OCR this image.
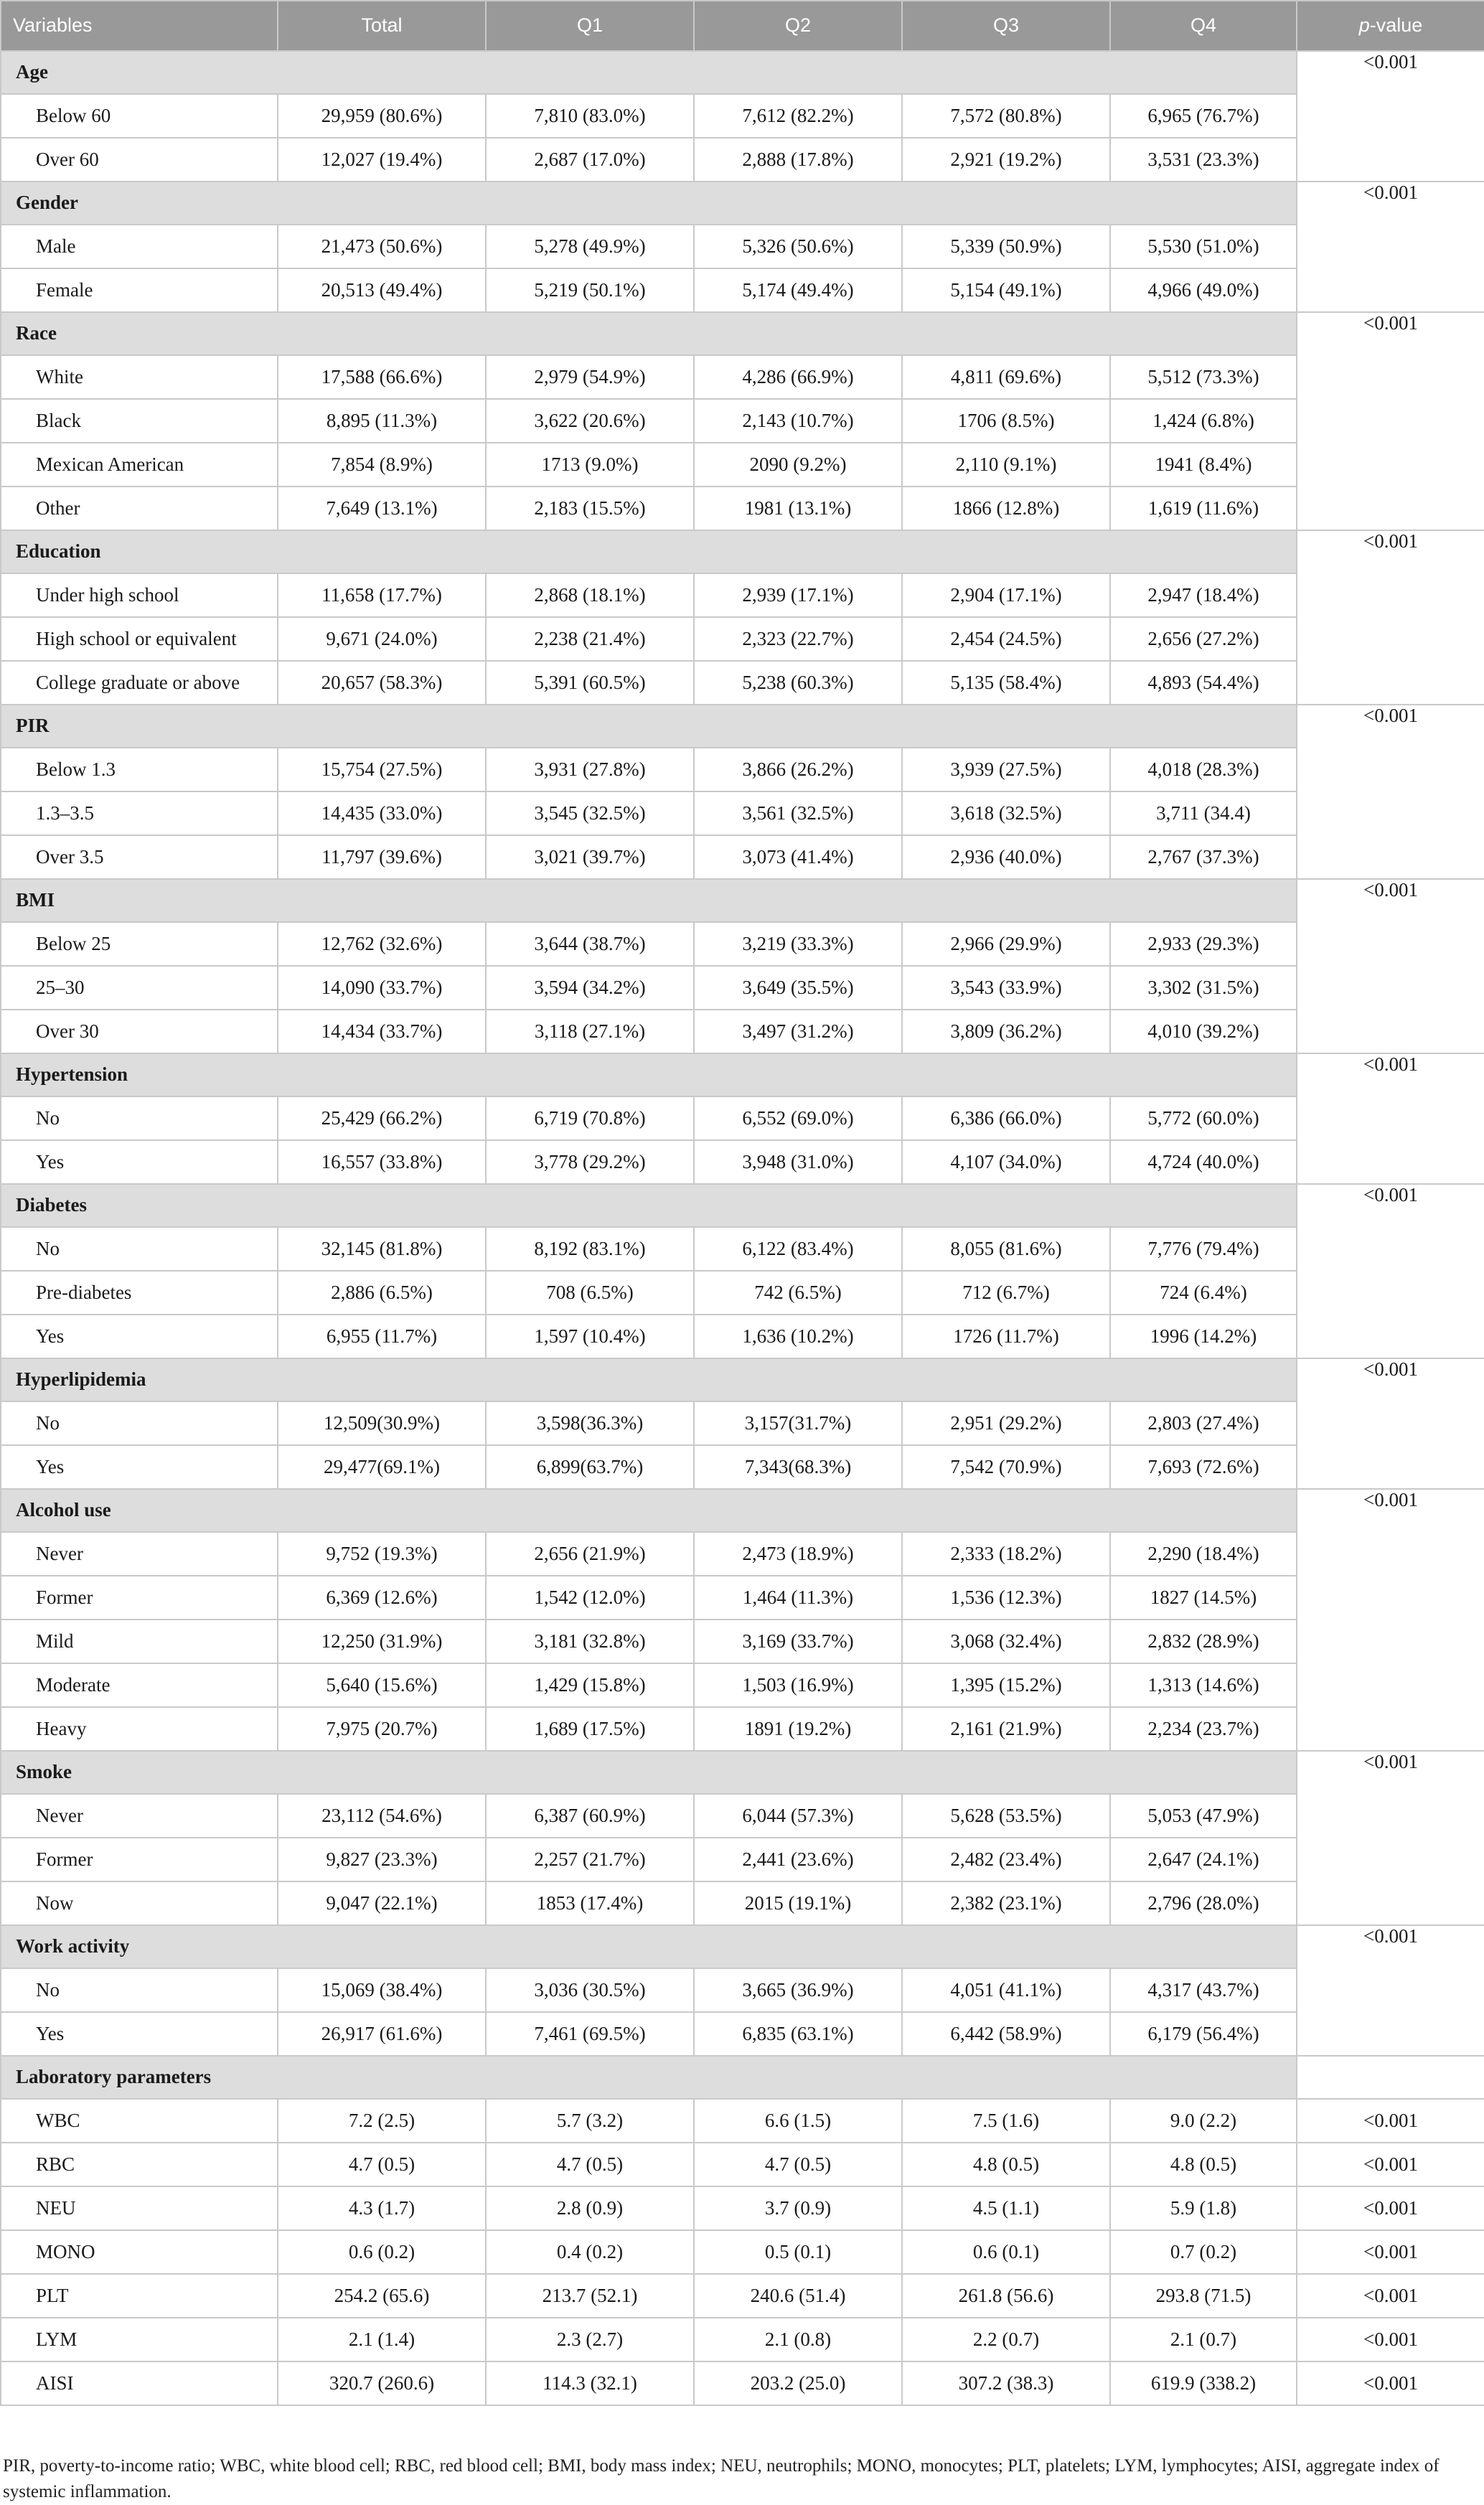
Variables	Total	Q1	Q2	Q3	Q4	p-value
Age						<0.001
Below 60	29,959 (80.6%)	7,810 (83.0%)	7,612 (82.2%)	7,572 (80.8%)	6,965 (76.7%)	
Over 60	12,027 (19.4%)	2,687 (17.0%)	2,888 (17.8%)	2,921 (19.2%)	3,531 (23.3%)	
Gender						<0.001
Male	21,473 (50.6%)	5,278 (49.9%)	5,326 (50.6%)	5,339 (50.9%)	5,530 (51.0%)	
Female	20,513 (49.4%)	5,219 (50.1%)	5,174 (49.4%)	5,154 (49.1%)	4,966 (49.0%)	
Race						<0.001
White	17,588 (66.6%)	2,979 (54.9%)	4,286 (66.9%)	4,811 (69.6%)	5,512 (73.3%)	
Black	8,895 (11.3%)	3,622 (20.6%)	2,143 (10.7%)	1706 (8.5%)	1,424 (6.8%)	
Mexican American	7,854 (8.9%)	1713 (9.0%)	2090 (9.2%)	2,110 (9.1%)	1941 (8.4%)	
Other	7,649 (13.1%)	2,183 (15.5%)	1981 (13.1%)	1866 (12.8%)	1,619 (11.6%)	
Education						<0.001
Under high school	11,658 (17.7%)	2,868 (18.1%)	2,939 (17.1%)	2,904 (17.1%)	2,947 (18.4%)	
High school or equivalent	9,671 (24.0%)	2,238 (21.4%)	2,323 (22.7%)	2,454 (24.5%)	2,656 (27.2%)	
College graduate or above	20,657 (58.3%)	5,391 (60.5%)	5,238 (60.3%)	5,135 (58.4%)	4,893 (54.4%)	
PIR						<0.001
Below 1.3	15,754 (27.5%)	3,931 (27.8%)	3,866 (26.2%)	3,939 (27.5%)	4,018 (28.3%)	
1.3–3.5	14,435 (33.0%)	3,545 (32.5%)	3,561 (32.5%)	3,618 (32.5%)	3,711 (34.4)	
Over 3.5	11,797 (39.6%)	3,021 (39.7%)	3,073 (41.4%)	2,936 (40.0%)	2,767 (37.3%)	
BMI						<0.001
Below 25	12,762 (32.6%)	3,644 (38.7%)	3,219 (33.3%)	2,966 (29.9%)	2,933 (29.3%)	
25–30	14,090 (33.7%)	3,594 (34.2%)	3,649 (35.5%)	3,543 (33.9%)	3,302 (31.5%)	
Over 30	14,434 (33.7%)	3,118 (27.1%)	3,497 (31.2%)	3,809 (36.2%)	4,010 (39.2%)	
Hypertension						<0.001
No	25,429 (66.2%)	6,719 (70.8%)	6,552 (69.0%)	6,386 (66.0%)	5,772 (60.0%)	
Yes	16,557 (33.8%)	3,778 (29.2%)	3,948 (31.0%)	4,107 (34.0%)	4,724 (40.0%)	
Diabetes						<0.001
No	32,145 (81.8%)	8,192 (83.1%)	6,122 (83.4%)	8,055 (81.6%)	7,776 (79.4%)	
Pre-diabetes	2,886 (6.5%)	708 (6.5%)	742 (6.5%)	712 (6.7%)	724 (6.4%)	
Yes	6,955 (11.7%)	1,597 (10.4%)	1,636 (10.2%)	1726 (11.7%)	1996 (14.2%)	
Hyperlipidemia						<0.001
No	12,509(30.9%)	3,598(36.3%)	3,157(31.7%)	2,951 (29.2%)	2,803 (27.4%)	
Yes	29,477(69.1%)	6,899(63.7%)	7,343(68.3%)	7,542 (70.9%)	7,693 (72.6%)	
Alcohol use						<0.001
Never	9,752 (19.3%)	2,656 (21.9%)	2,473 (18.9%)	2,333 (18.2%)	2,290 (18.4%)	
Former	6,369 (12.6%)	1,542 (12.0%)	1,464 (11.3%)	1,536 (12.3%)	1827 (14.5%)	
Mild	12,250 (31.9%)	3,181 (32.8%)	3,169 (33.7%)	3,068 (32.4%)	2,832 (28.9%)	
Moderate	5,640 (15.6%)	1,429 (15.8%)	1,503 (16.9%)	1,395 (15.2%)	1,313 (14.6%)	
Heavy	7,975 (20.7%)	1,689 (17.5%)	1891 (19.2%)	2,161 (21.9%)	2,234 (23.7%)	
Smoke						<0.001
Never	23,112 (54.6%)	6,387 (60.9%)	6,044 (57.3%)	5,628 (53.5%)	5,053 (47.9%)	
Former	9,827 (23.3%)	2,257 (21.7%)	2,441 (23.6%)	2,482 (23.4%)	2,647 (24.1%)	
Now	9,047 (22.1%)	1853 (17.4%)	2015 (19.1%)	2,382 (23.1%)	2,796 (28.0%)	
Work activity						<0.001
No	15,069 (38.4%)	3,036 (30.5%)	3,665 (36.9%)	4,051 (41.1%)	4,317 (43.7%)	
Yes	26,917 (61.6%)	7,461 (69.5%)	6,835 (63.1%)	6,442 (58.9%)	6,179 (56.4%)	
Laboratory parameters						
WBC	7.2 (2.5)	5.7 (3.2)	6.6 (1.5)	7.5 (1.6)	9.0 (2.2)	<0.001
RBC	4.7 (0.5)	4.7 (0.5)	4.7 (0.5)	4.8 (0.5)	4.8 (0.5)	<0.001
NEU	4.3 (1.7)	2.8 (0.9)	3.7 (0.9)	4.5 (1.1)	5.9 (1.8)	<0.001
MONO	0.6 (0.2)	0.4 (0.2)	0.5 (0.1)	0.6 (0.1)	0.7 (0.2)	<0.001
PLT	254.2 (65.6)	213.7 (52.1)	240.6 (51.4)	261.8 (56.6)	293.8 (71.5)	<0.001
LYM	2.1 (1.4)	2.3 (2.7)	2.1 (0.8)	2.2 (0.7)	2.1 (0.7)	<0.001
AISI	320.7 (260.6)	114.3 (32.1)	203.2 (25.0)	307.2 (38.3)	619.9 (338.2)	<0.001
PIR, poverty-to-income ratio; WBC, white blood cell; RBC, red blood cell; BMI, body mass index; NEU, neutrophils; MONO, monocytes; PLT, platelets; LYM, lymphocytes; AISI, aggregate index of systemic inflammation.
